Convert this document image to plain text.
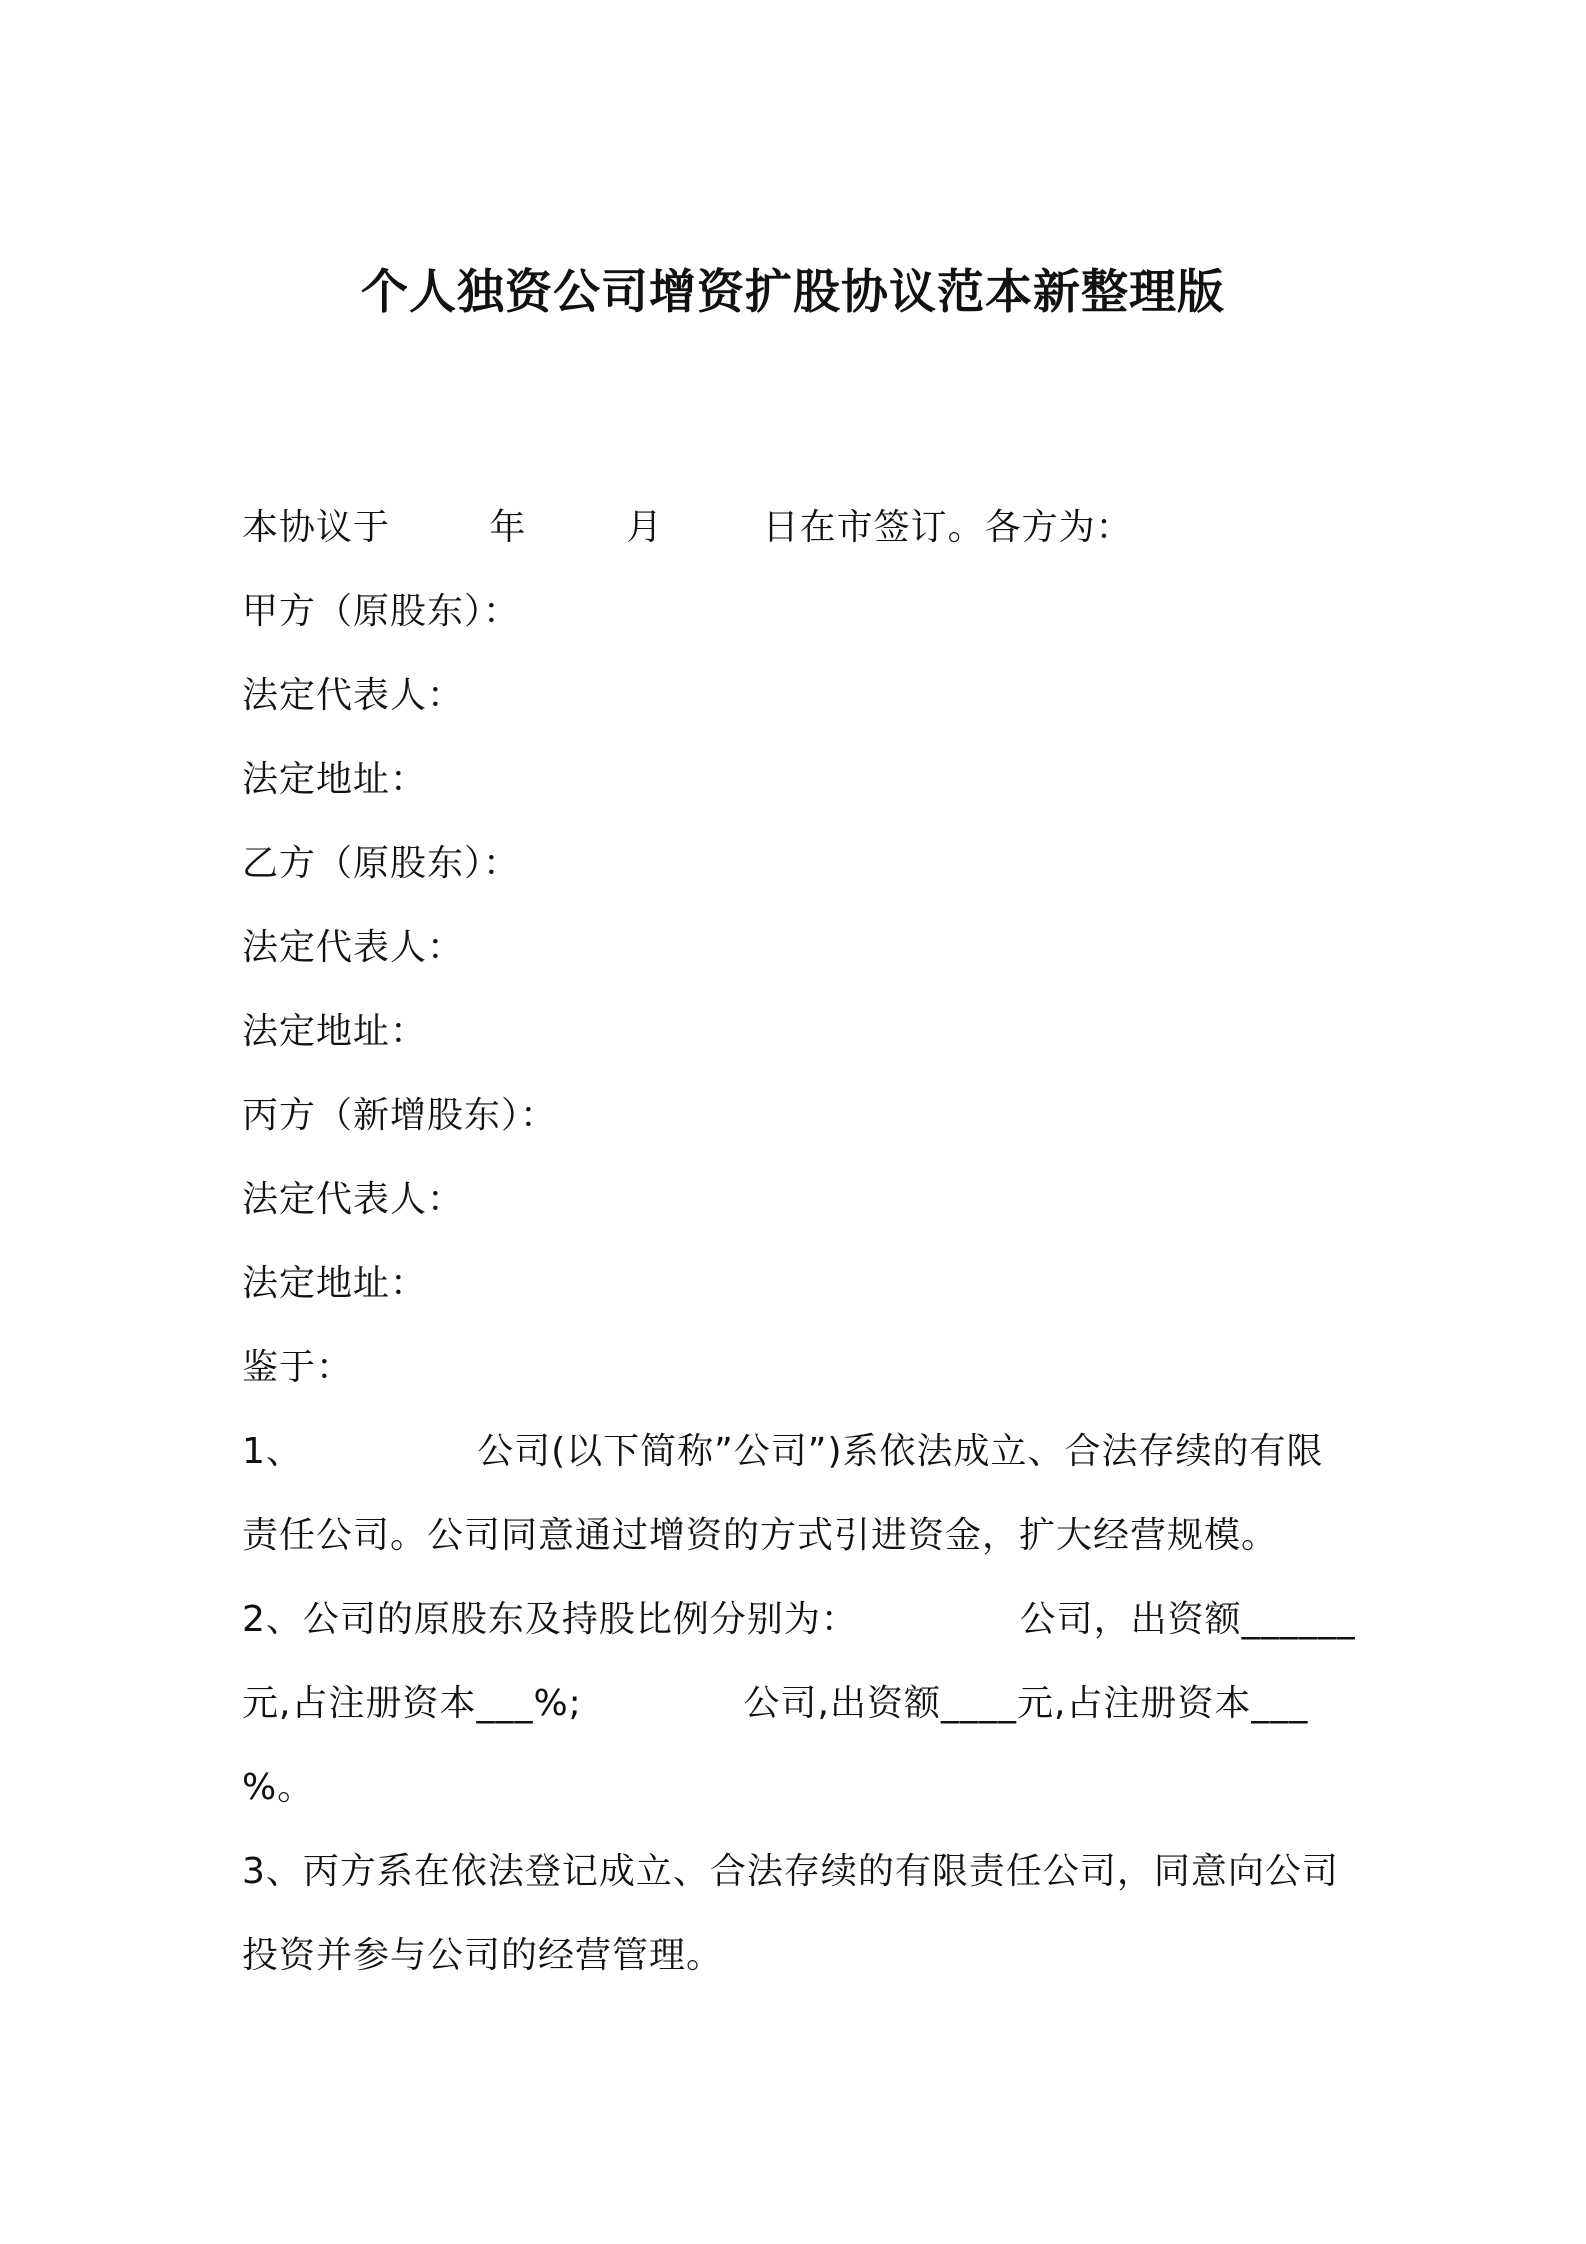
个人独资公司增资扩股协议范本新整理版
本协议于        年        月        日在市签订。各方为：
甲方（原股东）：
法定代表人：
法定地址：
乙方（原股东）：
法定代表人：
法定地址：
丙方（新增股东）：
法定代表人：
法定地址：
鉴于：
1、              公司(以下简称”公司”)系依法成立、合法存续的有限
责任公司。公司同意通过增资的方式引进资金，扩大经营规模。
2、公司的原股东及持股比例分别为：             公司，出资额______
元,占注册资本___%;             公司,出资额____元,占注册资本___
%。
3、丙方系在依法登记成立、合法存续的有限责任公司，同意向公司
投资并参与公司的经营管理。
